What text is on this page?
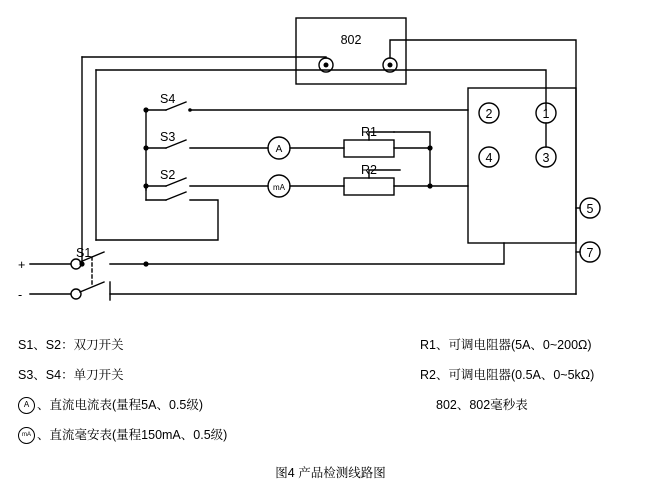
802
S4
S3
S2
S1
R1
R2
A
mA
1
2
3
4
5
7
+
-
S1、S2：双刀开关
S3、S4：单刀开关
A 、直流电流表(量程5A、0.5级)
mA 、直流毫安表(量程150mA、0.5级)
R1、可调电阻器(5A、0~200Ω)
R2、可调电阻器(0.5A、0~5kΩ)
802、802毫秒表
图4 产品检测线路图
